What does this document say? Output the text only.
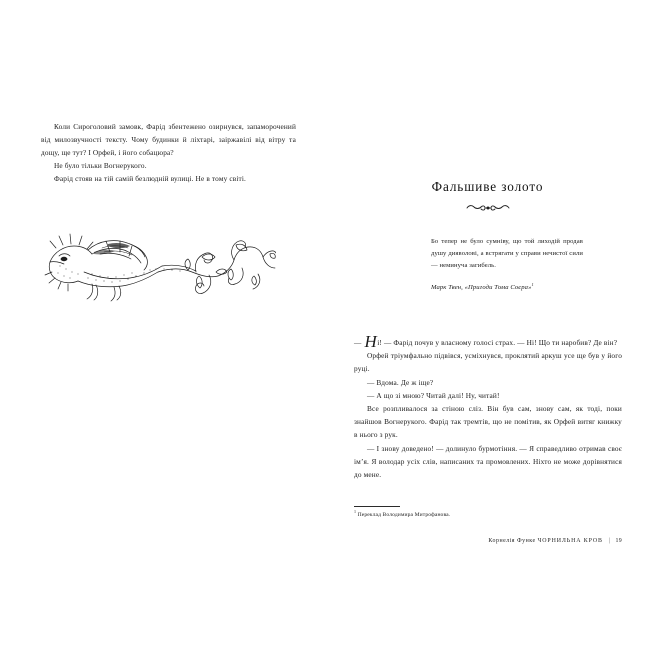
Коли Сироголовий замовк, Фарід збентежено озирнувся, запаморочений від милозвучності тексту. Чому будинки й ліхтарі, заіржавілі від вітру та дощу, ще тут? І Орфей, і його собацюра?

Не було тільки Вогнерукого.

Фарід стояв на тій самій безлюдній вулиці. Не в тому світі.

Фальшиве золото

Бо тепер не було сумніву, що той лиходій продав душу дияволові, а встрягати у справи нечистої сили — неминуча загибель.

Марк Твен, «Пригоди Тома Соєра»$^1$

— Ні! — Фарід почув у власному голосі страх. — Ні! Що ти наробив? Де він?

Орфей тріумфально підвівся, усміхнувся, проклятий аркуш усе ще був у його руці.

— Вдома. Де ж іще?

— А що зі мною? Читай далі! Ну, читай!

Все розпливалося за стіною сліз. Він був сам, знову сам, як тоді, поки знайшов Вогнерукого. Фарід так тремтів, що не помітив, як Орфей витяг книжку в нього з рук.

— І знову доведено! — долинуло бурмотіння. — Я справедливо отримав своє ім’я. Я володар усіх слів, написаних та промовлених. Ніхто не може дорівнятися до мене.

$^1$ Переклад Володимира Митрофанова.

Корнелія Функе ЧОРНИЛЬНА КРОВ | 19
